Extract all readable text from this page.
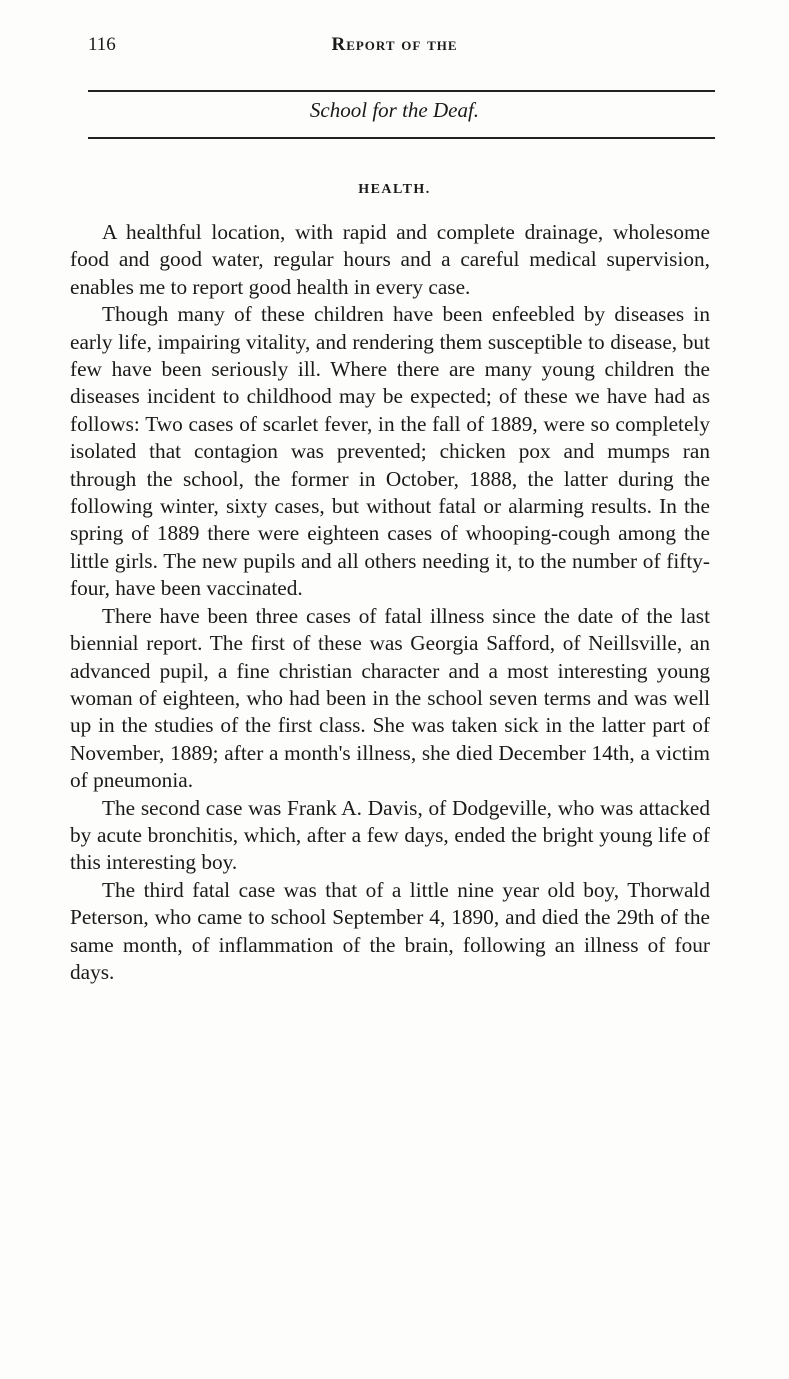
116	Report of the
School for the Deaf.
HEALTH.

A healthful location, with rapid and complete drainage, wholesome food and good water, regular hours and a careful medical supervision, enables me to report good health in every case.

Though many of these children have been enfeebled by diseases in early life, impairing vitality, and rendering them susceptible to disease, but few have been seriously ill. Where there are many young children the diseases incident to childhood may be expected; of these we have had as follows: Two cases of scarlet fever, in the fall of 1889, were so completely isolated that contagion was prevented; chicken pox and mumps ran through the school, the former in October, 1888, the latter during the following winter, sixty cases, but without fatal or alarming results. In the spring of 1889 there were eighteen cases of whooping-cough among the little girls. The new pupils and all others needing it, to the number of fifty-four, have been vaccinated.

There have been three cases of fatal illness since the date of the last biennial report. The first of these was Georgia Safford, of Neillsville, an advanced pupil, a fine christian character and a most interesting young woman of eighteen, who had been in the school seven terms and was well up in the studies of the first class. She was taken sick in the latter part of November, 1889; after a month's illness, she died December 14th, a victim of pneumonia.

The second case was Frank A. Davis, of Dodgeville, who was attacked by acute bronchitis, which, after a few days, ended the bright young life of this interesting boy.

The third fatal case was that of a little nine year old boy, Thorwald Peterson, who came to school September 4, 1890, and died the 29th of the same month, of inflammation of the brain, following an illness of four days.
